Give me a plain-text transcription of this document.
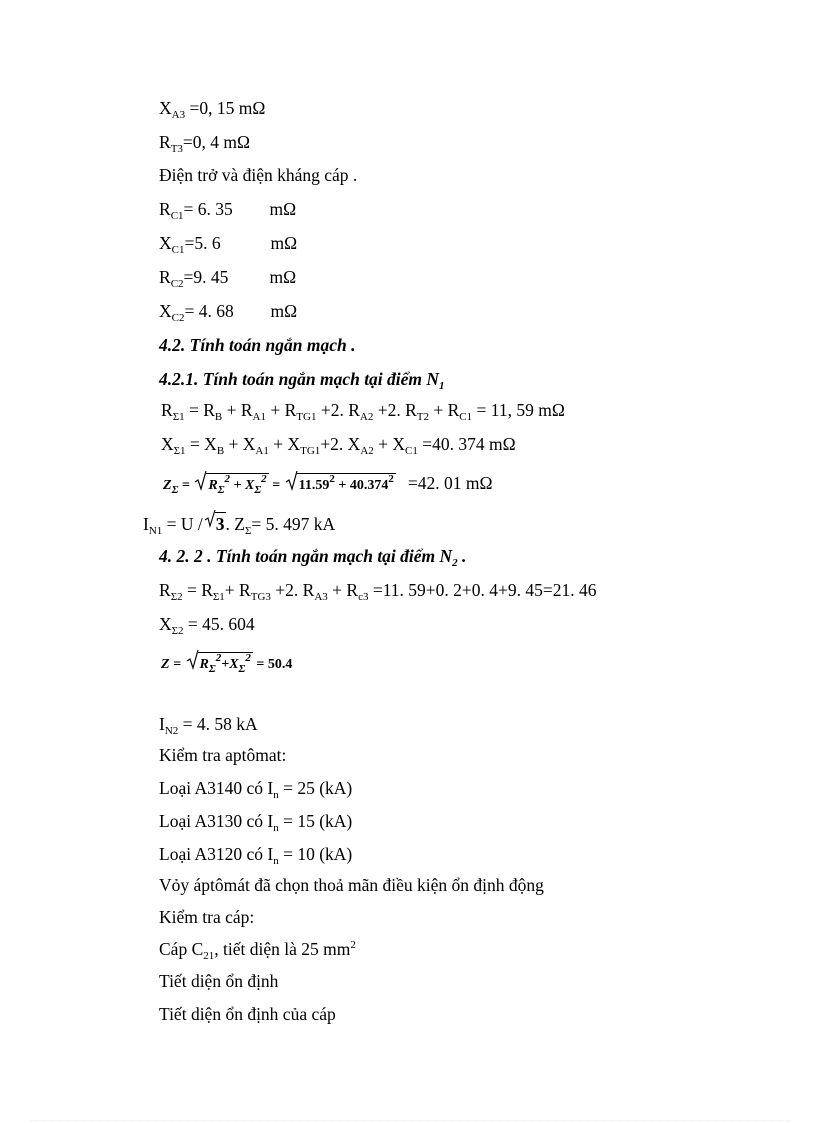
$X_{A3} =0$, 15 mΩ
$R_{T3}=0$, 4 mΩ
Điện trở và điện kháng cáp .
$R_{C1}= 6$. 35 mΩ
$X_{C1}=5$. 6	mΩ
$R_{C2}=9$. 45 mΩ
$X_{C2}= 4$. 68 mΩ
4.2. Tính toán ngắn mạch .
4.2.1. Tính toán ngắn mạch tại điểm $N_1$
$R_{\Sigma 1} = R_B + R_{A1} + R_{TG1} +2$. $R_{A2} +2$. $R_{T2} + R_{C1} = 11$, 59 mΩ
$X_{\Sigma 1} = X_B + X_{A1} + X_{TG1}+2$. $X_{A2} + X_{C1} =40$. 374 mΩ
$Z_\Sigma$ =
$R_\Sigma^2 + X_\Sigma^2$ =
$11.59^2 + 40.374^2 =42$. 01 mΩ
$I_{N1} = U / 3$. $Z_\Sigma= 5$. 497 kA
4. 2. 2 . Tính toán ngắn mạch tại điểm $N_2$ .
$R_{\Sigma 2} = R_{\Sigma 1}+ R_{TG3} +2$. $R_{A3} + R_{c3} =11$. 59+0. 2+0. 4+9. 45=21. 46
$X_{\Sigma 2} = 45$. 604
Z =
$R_\Sigma^2+X_\Sigma^2 = 50.4$
$I_{N2} = 4$. 58 kA
Kiểm tra aptômat:
Loại A3140 có $I_n = 25$ (kA)
Loại A3130 có $I_n = 15$ (kA)
Loại A3120 có $I_n = 10$ (kA)
Vỏy áptômát đã chọn thoả mãn điều kiện ổn định động
Kiểm tra cáp:
Cáp $C_{21}$, tiết diện là 25 $mm^2$
Tiết diện ổn định
Tiết diện ổn định của cáp
